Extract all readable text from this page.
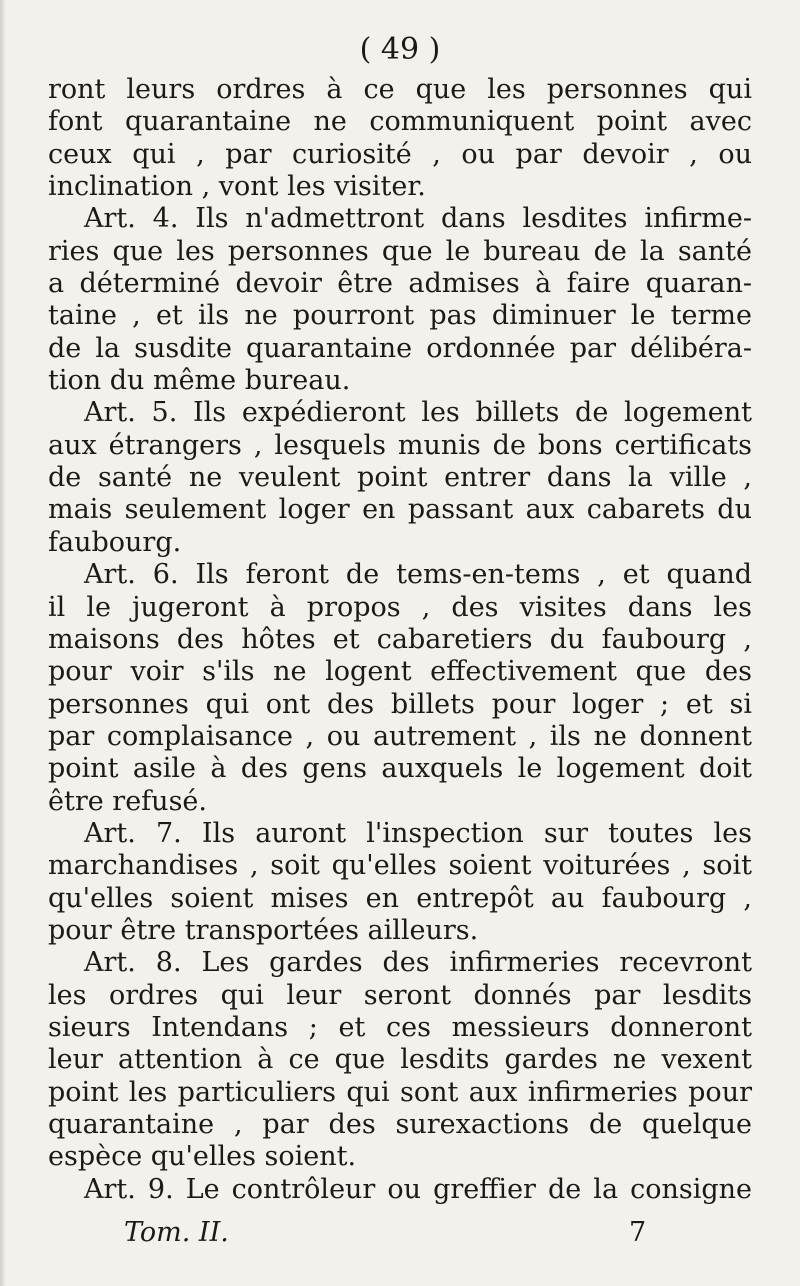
( 49 )
ront leurs ordres à ce que les personnes qui
font quarantaine ne communiquent point avec
ceux qui , par curiosité , ou par devoir , ou
inclination , vont les visiter.
Art. 4. Ils n'admettront dans lesdites infirme-
ries que les personnes que le bureau de la santé
a déterminé devoir être admises à faire quaran-
taine , et ils ne pourront pas diminuer le terme
de la susdite quarantaine ordonnée par délibéra-
tion du même bureau.
Art. 5. Ils expédieront les billets de logement
aux étrangers , lesquels munis de bons certificats
de santé ne veulent point entrer dans la ville ,
mais seulement loger en passant aux cabarets du
faubourg.
Art. 6. Ils feront de tems-en-tems , et quand
il le jugeront à propos , des visites dans les
maisons des hôtes et cabaretiers du faubourg ,
pour voir s'ils ne logent effectivement que des
personnes qui ont des billets pour loger ; et si
par complaisance , ou autrement , ils ne donnent
point asile à des gens auxquels le logement doit
être refusé.
Art. 7. Ils auront l'inspection sur toutes les
marchandises , soit qu'elles soient voiturées , soit
qu'elles soient mises en entrepôt au faubourg ,
pour être transportées ailleurs.
Art. 8. Les gardes des infirmeries recevront
les ordres qui leur seront donnés par lesdits
sieurs Intendans ; et ces messieurs donneront
leur attention à ce que lesdits gardes ne vexent
point les particuliers qui sont aux infirmeries pour
quarantaine , par des surexactions de quelque
espèce qu'elles soient.
Art. 9. Le contrôleur ou greffier de la consigne
Tom. II.	7
